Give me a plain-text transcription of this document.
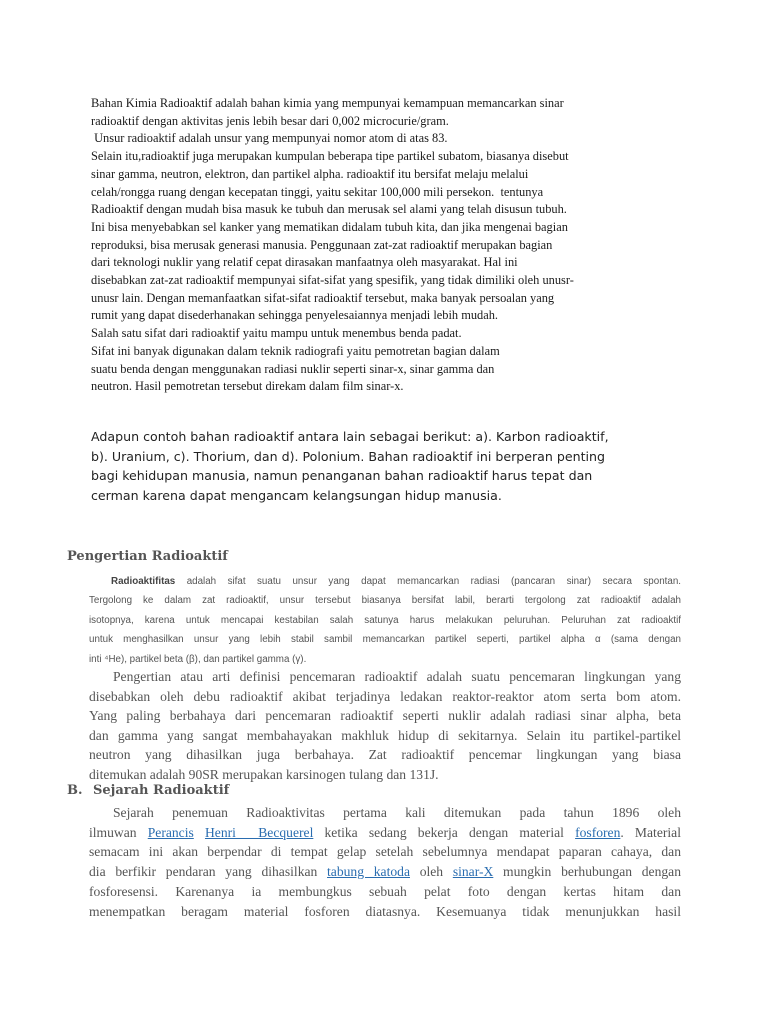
Bahan Kimia Radioaktif adalah bahan kimia yang mempunyai kemampuan memancarkan sinar
radioaktif dengan aktivitas jenis lebih besar dari 0,002 microcurie/gram.
Unsur radioaktif adalah unsur yang mempunyai nomor atom di atas 83.
Selain itu,radioaktif juga merupakan kumpulan beberapa tipe partikel subatom, biasanya disebut
sinar gamma, neutron, elektron, dan partikel alpha. radioaktif itu bersifat melaju melalui
celah/rongga ruang dengan kecepatan tinggi, yaitu sekitar 100,000 mili persekon.  tentunya
Radioaktif dengan mudah bisa masuk ke tubuh dan merusak sel alami yang telah disusun tubuh.
Ini bisa menyebabkan sel kanker yang mematikan didalam tubuh kita, dan jika mengenai bagian
reproduksi, bisa merusak generasi manusia. Penggunaan zat-zat radioaktif merupakan bagian
dari teknologi nuklir yang relatif cepat dirasakan manfaatnya oleh masyarakat. Hal ini
disebabkan zat-zat radioaktif mempunyai sifat-sifat yang spesifik, yang tidak dimiliki oleh unusr-
unusr lain. Dengan memanfaatkan sifat-sifat radioaktif tersebut, maka banyak persoalan yang
rumit yang dapat disederhanakan sehingga penyelesaiannya menjadi lebih mudah.
Salah satu sifat dari radioaktif yaitu mampu untuk menembus benda padat.
Sifat ini banyak digunakan dalam teknik radiografi yaitu pemotretan bagian dalam
suatu benda dengan menggunakan radiasi nuklir seperti sinar-x, sinar gamma dan
neutron. Hasil pemotretan tersebut direkam dalam film sinar-x.
Adapun contoh bahan radioaktif antara lain sebagai berikut: a). Karbon radioaktif,
b). Uranium, c). Thorium, dan d). Polonium. Bahan radioaktif ini berperan penting
bagi kehidupan manusia, namun penanganan bahan radioaktif harus tepat dan
cerman karena dapat mengancam kelangsungan hidup manusia.
Pengertian Radioaktif
Radioaktifitas adalah sifat suatu unsur yang dapat memancarkan radiasi (pancaran sinar) secara spontan.
Tergolong ke dalam zat radioaktif, unsur tersebut biasanya bersifat labil, berarti tergolong zat radioaktif adalah
isotopnya, karena untuk mencapai kestabilan salah satunya harus melakukan peluruhan. Peluruhan zat radioaktif
untuk menghasilkan unsur yang lebih stabil sambil memancarkan partikel seperti, partikel alpha α (sama dengan
inti ⁴He), partikel beta (β), dan partikel gamma (γ).
Pengertian atau arti definisi pencemaran radioaktif adalah suatu pencemaran lingkungan yang
disebabkan oleh debu radioaktif akibat terjadinya ledakan reaktor-reaktor atom serta bom atom.
Yang paling berbahaya dari pencemaran radioaktif seperti nuklir adalah radiasi sinar alpha, beta
dan gamma yang sangat membahayakan makhluk hidup di sekitarnya. Selain itu partikel-partikel
neutron yang dihasilkan juga berbahaya. Zat radioaktif pencemar lingkungan yang biasa
ditemukan adalah 90SR merupakan karsinogen tulang dan 131J.
B. Sejarah Radioaktif
Sejarah penemuan Radioaktivitas pertama kali ditemukan pada tahun 1896 oleh
ilmuwan Perancis Henri  Becquerel ketika sedang bekerja dengan material fosforen. Material
semacam ini akan berpendar di tempat gelap setelah sebelumnya mendapat paparan cahaya, dan
dia berfikir pendaran yang dihasilkan tabung katoda oleh sinar-X mungkin berhubungan dengan
fosforesensi. Karenanya ia membungkus sebuah pelat foto dengan kertas hitam dan
menempatkan beragam material fosforen diatasnya. Kesemuanya tidak menunjukkan hasil
